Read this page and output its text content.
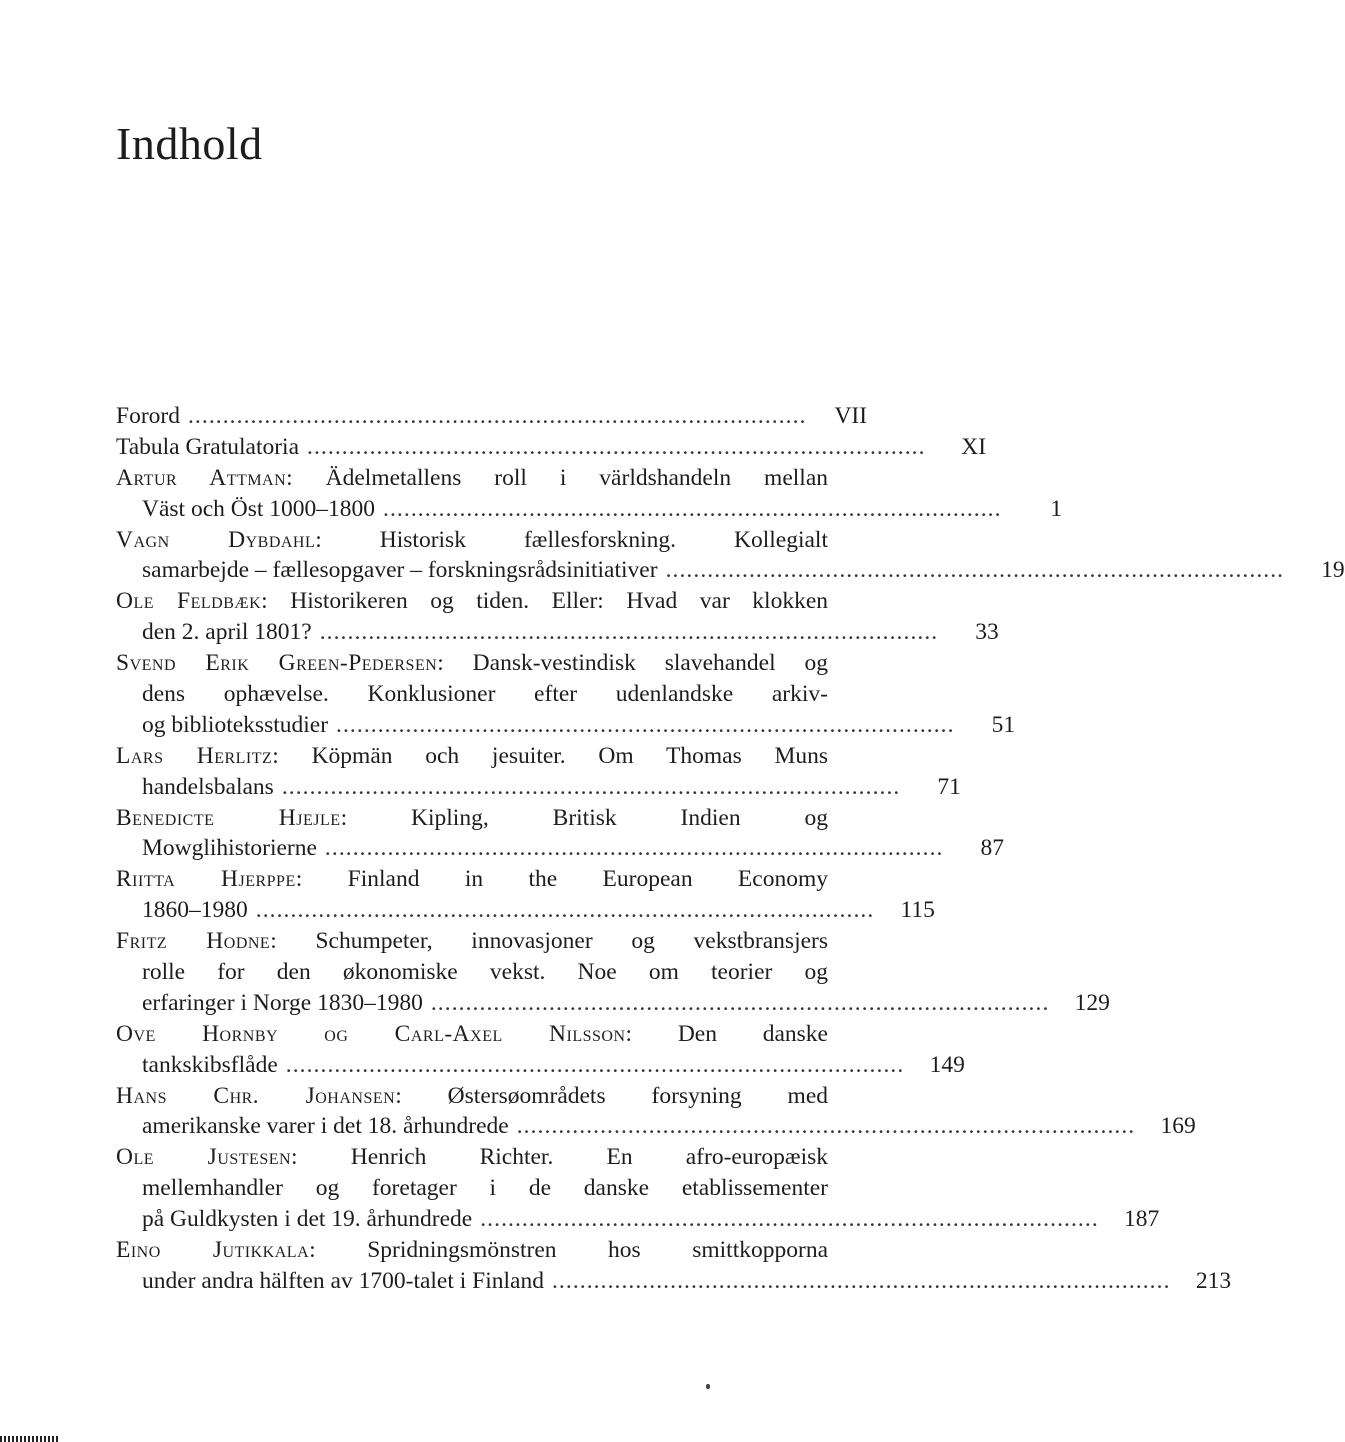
Indhold
Forord . . .	VII
Tabula Gratulatoria . . .	XI
Artur Attman: Ädelmetallens roll i världshandeln mellan
Väst och Öst 1000–1800 . . .	1
Vagn Dybdahl: Historisk fællesforskning. Kollegialt
samarbejde – fællesopgaver – forskningsrådsinitiativer . . .	19
Ole Feldbæk: Historikeren og tiden. Eller: Hvad var klokken
den 2. april 1801? . . .	33
Svend Erik Green-Pedersen: Dansk-vestindisk slavehandel og
dens ophævelse. Konklusioner efter udenlandske arkiv-
og biblioteksstudier . . .	51
Lars Herlitz: Köpmän och jesuiter. Om Thomas Muns
handelsbalans . . .	71
Benedicte Hjejle: Kipling, Britisk Indien og
Mowglihistorierne . . .	87
Riitta Hjerppe: Finland in the European Economy
1860–1980 . . .	115
Fritz Hodne: Schumpeter, innovasjoner og vekstbransjers
rolle for den økonomiske vekst. Noe om teorier og
erfaringer i Norge 1830–1980 . . .	129
Ove Hornby og Carl-Axel Nilsson: Den danske
tankskibsflåde . . .	149
Hans Chr. Johansen: Østersøområdets forsyning med
amerikanske varer i det 18. århundrede . . .	169
Ole Justesen: Henrich Richter. En afro-europæisk
mellemhandler og foretager i de danske etablissementer
på Guldkysten i det 19. århundrede . . .	187
Eino Jutikkala: Spridningsmönstren hos smittkopporna
under andra hälften av 1700-talet i Finland . . .	213
